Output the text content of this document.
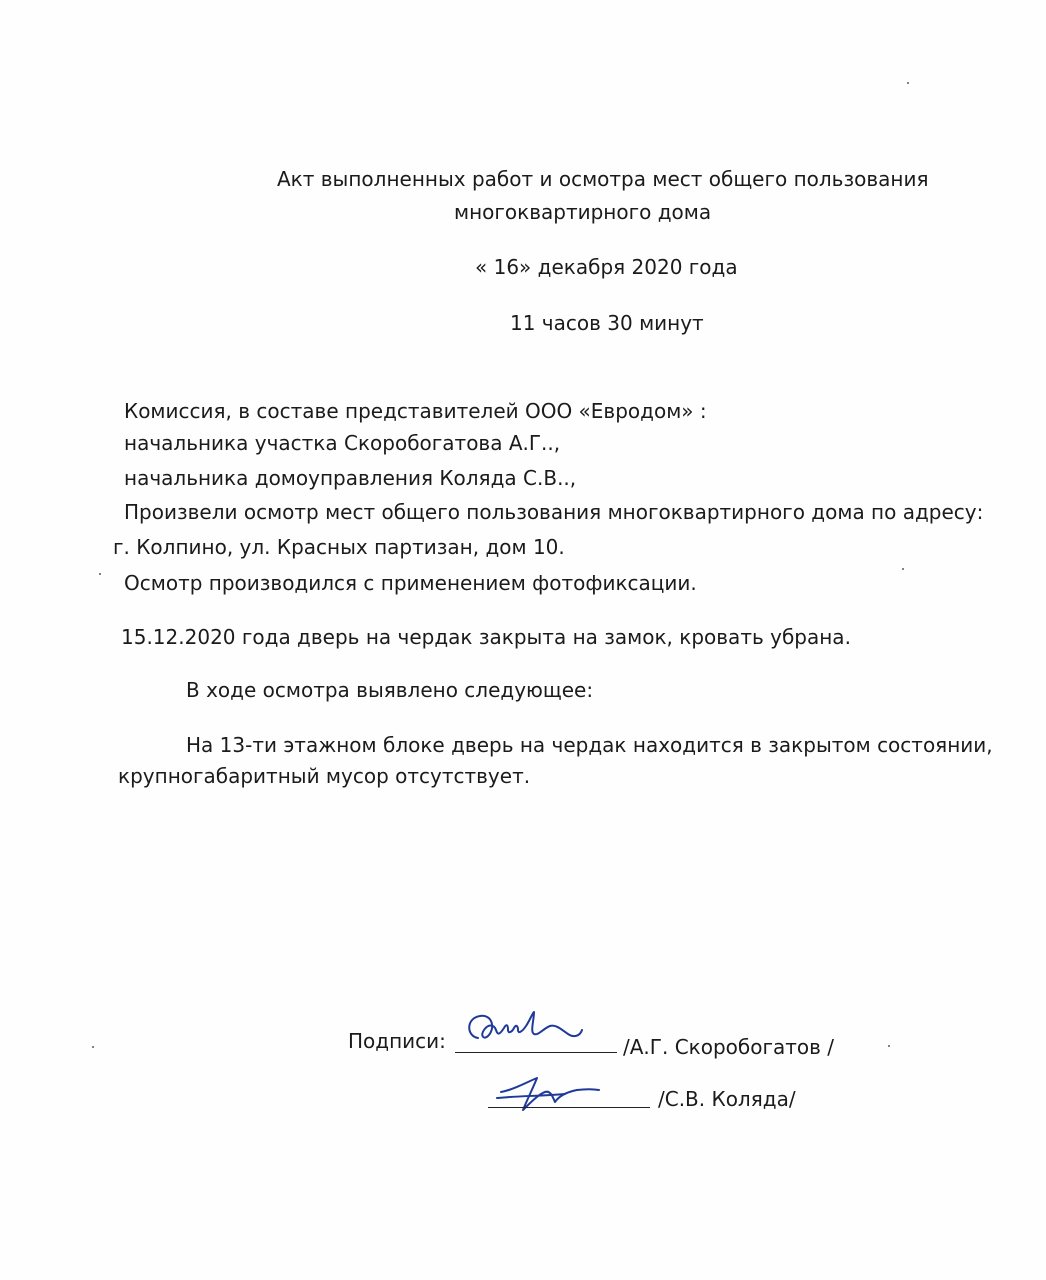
Акт выполненных работ и осмотра мест общего пользования

многоквартирного дома

« 16» декабря 2020 года

11 часов 30 минут

Комиссия, в составе представителей ООО «Евродом» :

начальника участка Скоробогатова А.Г..,

начальника домоуправления Коляда С.В..,

Произвели осмотр мест общего пользования многоквартирного дома по адресу:

г. Колпино, ул. Красных партизан, дом 10.

Осмотр производился с применением фотофиксации.

15.12.2020 года дверь на чердак закрыта на замок, кровать убрана.

В ходе осмотра выявлено следующее:

На 13-ти этажном блоке дверь на чердак находится в закрытом состоянии,

крупногабаритный мусор отсутствует.

Подписи:	/А.Г. Скоробогатов /

/С.В. Коляда/
